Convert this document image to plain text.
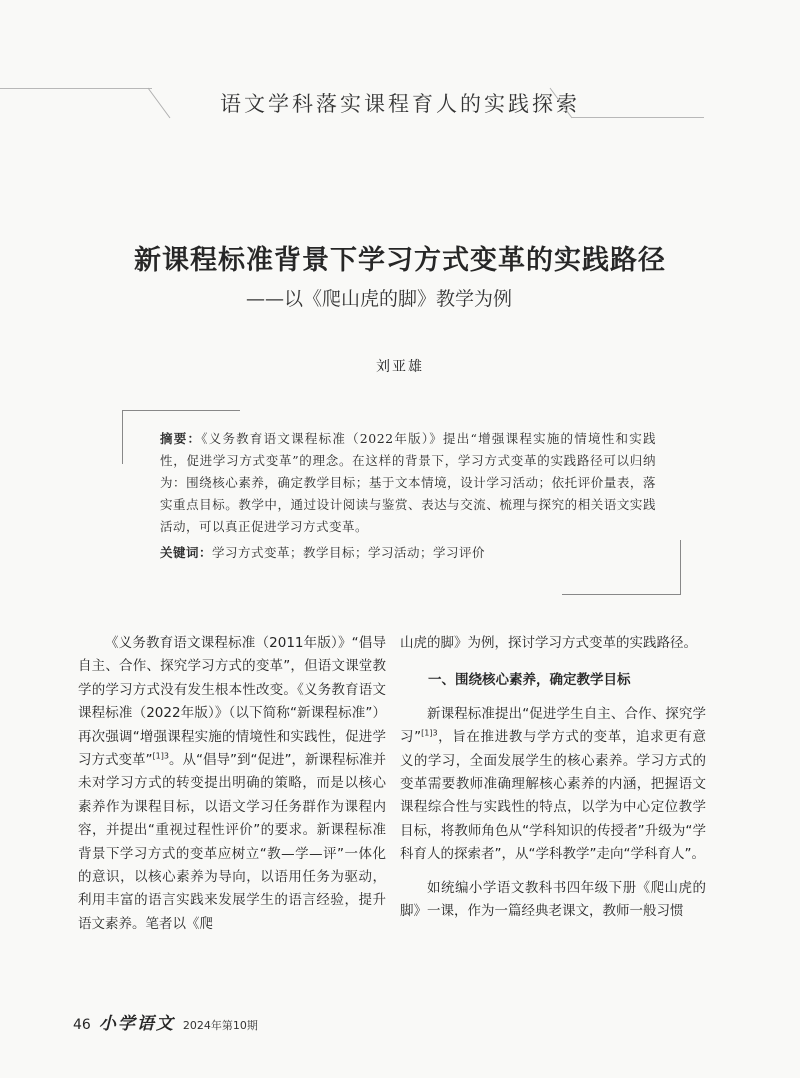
语文学科落实课程育人的实践探索
新课程标准背景下学习方式变革的实践路径
——以《爬山虎的脚》教学为例
刘亚雄
摘要：《义务教育语文课程标准（2022年版）》提出“增强课程实施的情境性和实践性，促进学习方式变革”的理念。在这样的背景下，学习方式变革的实践路径可以归纳为：围绕核心素养，确定教学目标；基于文本情境，设计学习活动；依托评价量表，落实重点目标。教学中，通过设计阅读与鉴赏、表达与交流、梳理与探究的相关语文实践活动，可以真正促进学习方式变革。
关键词：学习方式变革；教学目标；学习活动；学习评价

《义务教育语文课程标准（2011年版）》“倡导自主、合作、探究学习方式的变革”，但语文课堂教学的学习方式没有发生根本性改变。《义务教育语文课程标准（2022年版）》（以下简称“新课程标准”）再次强调“增强课程实施的情境性和实践性，促进学习方式变革”$^{[1]3}$。从“倡导”到“促进”，新课程标准并未对学习方式的转变提出明确的策略，而是以核心素养作为课程目标，以语文学习任务群作为课程内容，并提出“重视过程性评价”的要求。新课程标准背景下学习方式的变革应树立“教—学—评”一体化的意识，以核心素养为导向，以语用任务为驱动，利用丰富的语言实践来发展学生的语言经验，提升语文素养。笔者以《爬

山虎的脚》为例，探讨学习方式变革的实践路径。

一、围绕核心素养，确定教学目标

新课程标准提出“促进学生自主、合作、探究学习”$^{[1]3}$，旨在推进教与学方式的变革，追求更有意义的学习，全面发展学生的核心素养。学习方式的变革需要教师准确理解核心素养的内涵，把握语文课程综合性与实践性的特点，以学为中心定位教学目标，将教师角色从“学科知识的传授者”升级为“学科育人的探索者”，从“学科教学”走向“学科育人”。

如统编小学语文教科书四年级下册《爬山虎的脚》一课，作为一篇经典老课文，教师一般习惯

46 小学语文 2024年第10期
